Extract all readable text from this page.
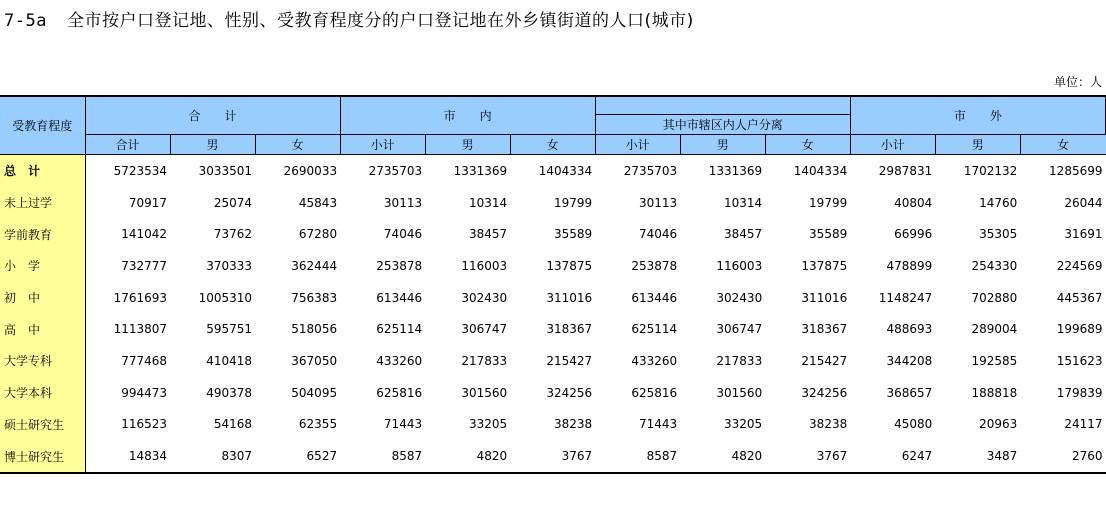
7-5a 全市按户口登记地、性别、受教育程度分的户口登记地在外乡镇街道的人口(城市)
单位：人
受教育程度	合　　计			市　　内						市　　外		
							其中市辖区内人户分离					
	合计	男	女	小计	男	女	小计	男	女	小计	男	女
总　计	5723534	3033501	2690033	2735703	1331369	1404334	2735703	1331369	1404334	2987831	1702132	1285699
未上过学	70917	25074	45843	30113	10314	19799	30113	10314	19799	40804	14760	26044
学前教育	141042	73762	67280	74046	38457	35589	74046	38457	35589	66996	35305	31691
小　学	732777	370333	362444	253878	116003	137875	253878	116003	137875	478899	254330	224569
初　中	1761693	1005310	756383	613446	302430	311016	613446	302430	311016	1148247	702880	445367
高　中	1113807	595751	518056	625114	306747	318367	625114	306747	318367	488693	289004	199689
大学专科	777468	410418	367050	433260	217833	215427	433260	217833	215427	344208	192585	151623
大学本科	994473	490378	504095	625816	301560	324256	625816	301560	324256	368657	188818	179839
硕士研究生	116523	54168	62355	71443	33205	38238	71443	33205	38238	45080	20963	24117
博士研究生	14834	8307	6527	8587	4820	3767	8587	4820	3767	6247	3487	2760
